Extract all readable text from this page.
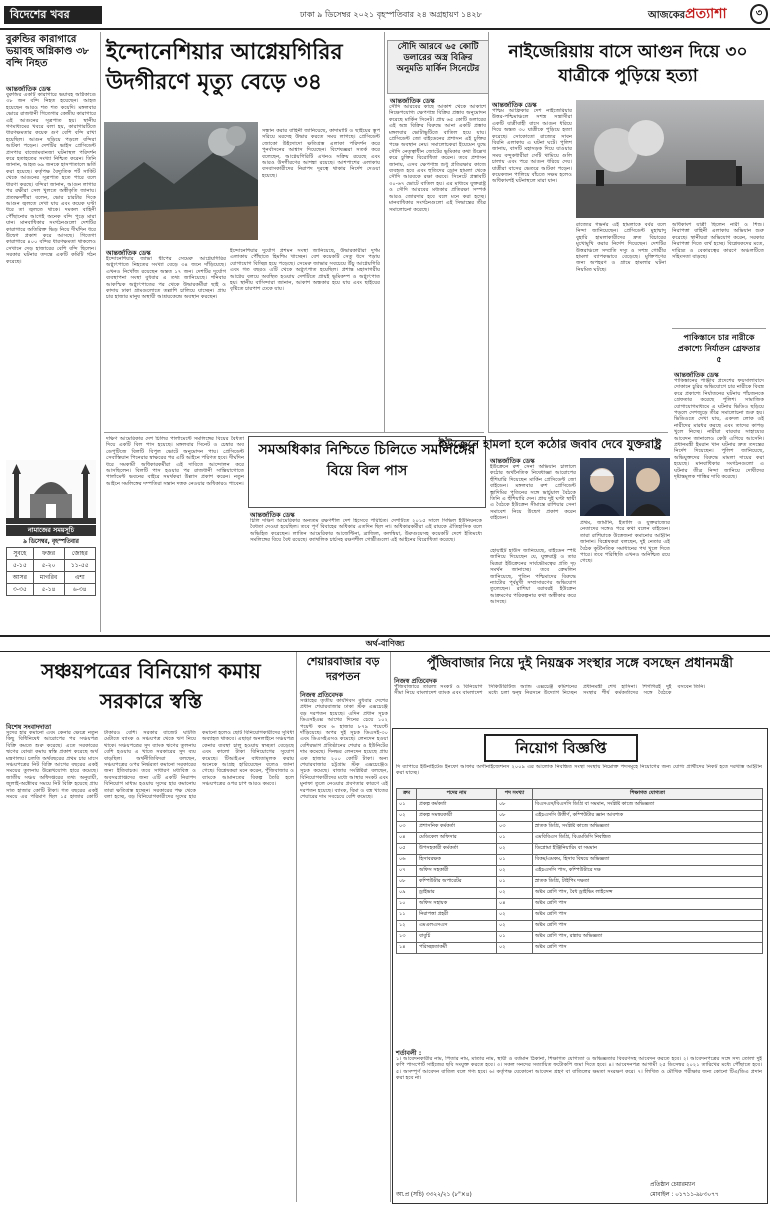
বিদেশের খবর	ঢাকা ৯ ডিসেম্বর ২০২১ বৃহস্পতিবার ২৪ অগ্রহায়ণ ১৪২৮	আজকেরপ্রত্যাশা	৩
বুরুন্ডির কারাগারে ভয়াবহ অগ্নিকাণ্ড ৩৮ বন্দি নিহত
আন্তর্জাতিক ডেস্ক
বুরুন্ডির একটি কারাগারে ভয়াবহ অগ্নিকাণ্ডে ৩৮ জন বন্দি নিহত হয়েছেন। আহত হয়েছেন আরও শত শত কয়েদি। মঙ্গলবার ভোরে রাজধানী গিতেগার কেন্দ্রীয় কারাগারে এই আগুনের সূত্রপাত হয়। স্থানীয় গণমাধ্যমের খবরে বলা হয়, কারাগারটিতে ধারণক্ষমতার কয়েক গুণ বেশি বন্দি রাখা হয়েছিল। আগুন ছড়িয়ে পড়লে বন্দিরা আটকা পড়েন। দেশটির ভাইস প্রেসিডেন্ট প্রসপার বাজোমবানজা ঘটনাস্থল পরিদর্শন করে হতাহতের সংখ্যা নিশ্চিত করেন। তিনি জানান, আহত ৬৯ জনকে হাসপাতালে ভর্তি করা হয়েছে। কর্তৃপক্ষ বৈদ্যুতিক শর্ট সার্কিট থেকে আগুনের সূত্রপাত হতে পারে বলে ধারণা করছে। বন্দিরা জানান, আগুন লাগার পর রক্ষীরা সেল খুলতে অস্বীকৃতি জানায়। প্রত্যক্ষদর্শীরা বলেন, ভোর চারটার দিকে আগুন জ্বলতে দেখা যায় এবং কয়েক ঘণ্টা ধরে তা জ্বলতে থাকে। দমকল বাহিনী পৌঁছানোর আগেই অনেক বন্দি পুড়ে মারা যান। মানবাধিকার সংগঠনগুলো দেশটির কারাগারে অতিরিক্ত ভিড় নিয়ে দীর্ঘদিন ধরে উদ্বেগ প্রকাশ করে আসছে। গিতেগা কারাগারে ৪০০ বন্দির ধারণক্ষমতা থাকলেও সেখানে দেড় হাজারের বেশি বন্দি ছিলেন। সরকার ঘটনার তদন্তে একটি কমিটি গঠন করেছে।
নামাজের সময়সূচি
৯ ডিসেম্বর, বৃহস্পতিবার
সুবহে	ফজর	জোহর
৫-১৫	৫-২০	১১-৫৫
আসর	মাগরিব	এশা
৩-৩৫	৫-১৪	৬-৩৪
ইন্দোনেশিয়ার আগ্নেয়গিরির উদগীরণে মৃত্যু বেড়ে ৩৪
সন্ধান করার বাহিনী জানিয়েছে, কাদামাটি ও ছাইয়ের স্তূপ সরিয়ে মরদেহ উদ্ধার করতে সময় লাগছে। প্রেসিডেন্ট জোকো উইদোদো ক্ষতিগ্রস্ত এলাকা পরিদর্শন করে পুনর্বাসনের আশ্বাস দিয়েছেন। বিশেষজ্ঞরা সতর্ক করে বলেছেন, আগ্নেয়গিরিটি এখনও সক্রিয় রয়েছে এবং আরও উদগীরণের আশঙ্কা রয়েছে। আশপাশের এলাকায় বসবাসকারীদের নিরাপদ দূরত্বে থাকার নির্দেশ দেওয়া হয়েছে।
আন্তর্জাতিক ডেস্ক
ইন্দোনেশিয়ার জাভা দ্বীপের সেমেরু আগ্নেয়গিরির অগ্ন্যুৎপাতে নিহতের সংখ্যা বেড়ে ৩৪ জনে দাঁড়িয়েছে। এখনও নিখোঁজ রয়েছেন অন্তত ১৭ জন। দেশটির দুর্যোগ ব্যবস্থাপনা সংস্থা বুধবার এ তথ্য জানিয়েছে। শনিবার আকস্মিক অগ্ন্যুৎপাতের পর থেকে উদ্ধারকর্মীরা ছাই ও কাদায় ঢাকা গ্রামগুলোতে তল্লাশি চালিয়ে যাচ্ছেন। প্রায় চার হাজার মানুষ অস্থায়ী আশ্রয়কেন্দ্রে অবস্থান করছেন।
ইন্দোনেশিয়ার দুর্যোগ প্রশমন সংস্থা জানিয়েছে, উদ্ধারকারীরা দুর্গম এলাকায় পৌঁছাতে হিমশিম খাচ্ছেন। বেশ কয়েকটি সেতু ধসে পড়ায় যোগাযোগ বিচ্ছিন্ন হয়ে পড়েছে। সেমেরু জাভার সবচেয়ে উঁচু আগ্নেয়গিরি এবং গত বছরও এটি থেকে অগ্ন্যুৎপাত হয়েছিল। প্রশান্ত মহাসাগরীয় আগ্নেয় বলয়ে অবস্থিত হওয়ায় দেশটিতে প্রায়ই ভূমিকম্প ও অগ্ন্যুৎপাত হয়। স্থানীয় বাসিন্দারা জানান, আকাশ অন্ধকার হয়ে যায় এবং ছাইয়ের বৃষ্টিতে চারপাশ ঢেকে যায়।
সৌদি আরবে ৬৫ কোটি ডলারের অস্ত্র বিক্রির অনুমতি মার্কিন সিনেটের
আন্তর্জাতিক ডেস্ক
সৌদি আরবের কাছে আকাশ থেকে আকাশে নিক্ষেপযোগ্য ক্ষেপণাস্ত্র বিক্রির প্রস্তাব অনুমোদন করেছে মার্কিন সিনেট। প্রায় ৬৫ কোটি ডলারের এই অস্ত্র বিক্রির বিরুদ্ধে আনা একটি প্রস্তাব মঙ্গলবার ভোটাভুটিতে বাতিল হয়ে যায়। প্রেসিডেন্ট জো বাইডেনের প্রশাসন এই চুক্তির পক্ষে অবস্থান নেয়। সমালোচকরা ইয়েমেন যুদ্ধে সৌদি নেতৃত্বাধীন জোটের ভূমিকার কথা উল্লেখ করে চুক্তির বিরোধিতা করেন। তবে প্রশাসন জানায়, এসব ক্ষেপণাস্ত্র শুধু প্রতিরক্ষার কাজে ব্যবহৃত হবে এবং হুতিদের ড্রোন হামলা থেকে সৌদি আরবকে রক্ষা করবে। সিনেটে প্রস্তাবটি ৩০-৬৭ ভোটে বাতিল হয়। এর মাধ্যমে যুক্তরাষ্ট্র ও সৌদি আরবের মধ্যকার প্রতিরক্ষা সম্পর্ক আরও জোরদার হবে বলে মনে করা হচ্ছে। মানবাধিকার সংগঠনগুলো এই সিদ্ধান্তের তীব্র সমালোচনা করেছে।
নাইজেরিয়ায় বাসে আগুন দিয়ে ৩০ যাত্রীকে পুড়িয়ে হত্যা
আন্তর্জাতিক ডেস্ক
পশ্চিম আফ্রিকার দেশ নাইজেরিয়ার উত্তর-পশ্চিমাঞ্চলে সশস্ত্র সন্ত্রাসীরা একটি যাত্রীবাহী বাসে আগুন ধরিয়ে দিয়ে অন্তত ৩০ যাত্রীকে পুড়িয়ে হত্যা করেছে। সোকোতো রাজ্যের সাবন বিরনি এলাকায় এ ঘটনা ঘটে। পুলিশ জানায়, বাসটি মহাসড়ক দিয়ে যাওয়ার সময় বন্দুকধারীরা সেটি থামিয়ে গুলি চালায় এবং পরে আগুন ধরিয়ে দেয়। যাত্রীরা বাসের ভেতরে আটকা পড়েন। কয়েকজন পালিয়ে বাঁচতে সক্ষম হলেও অধিকাংশই ঘটনাস্থলে মারা যান।
রাজ্যের গভর্নর এই হামলাকে বর্বর বলে নিন্দা জানিয়েছেন। প্রেসিডেন্ট মুহাম্মাদু বুহারি হামলাকারীদের দ্রুত বিচারের মুখোমুখি করার নির্দেশ দিয়েছেন। দেশটির উত্তরাঞ্চলে সম্প্রতি দস্যু ও সশস্ত্র গোষ্ঠীর হামলা ব্যাপকভাবে বেড়েছে। মুক্তিপণের জন্য অপহরণ ও গ্রামে হামলার ঘটনা নিয়মিত ঘটছে।
অধিকাংশ যাত্রী ছিলেন নারী ও শিশু। নিরাপত্তা বাহিনী এলাকায় অভিযান শুরু করেছে। স্থানীয়রা অভিযোগ করেন, সরকার নিরাপত্তা দিতে ব্যর্থ হচ্ছে। বিশ্লেষকদের মতে, দারিদ্র্য ও বেকারত্বের কারণে অঞ্চলটিতে সহিংসতা বাড়ছে।
পাকিস্তানে চার নারীকে প্রকাশ্যে নির্যাতন গ্রেফতার ৫
আন্তর্জাতিক ডেস্ক
পাকিস্তানের পাঞ্জাব প্রদেশের ফয়সালাবাদে দোকানে চুরির অভিযোগে চার নারীকে বিবস্ত্র করে প্রকাশ্যে নির্যাতনের ঘটনায় পাঁচজনকে গ্রেফতার করেছে পুলিশ। সামাজিক যোগাযোগমাধ্যমে এ ঘটনার ভিডিও ছড়িয়ে পড়লে দেশজুড়ে তীব্র সমালোচনা শুরু হয়। ভিডিওতে দেখা যায়, একদল লোক ওই নারীদের মারধর করছে এবং তাদের কাপড় খুলে নিচ্ছে। নারীরা বারবার সাহায্যের আবেদন জানালেও কেউ এগিয়ে আসেনি। প্রধানমন্ত্রী ইমরান খান ঘটনার দ্রুত তদন্তের নির্দেশ দিয়েছেন। পুলিশ জানিয়েছে, অভিযুক্তদের বিরুদ্ধে মামলা দায়ের করা হয়েছে। মানবাধিকার সংগঠনগুলো এ ঘটনার তীব্র নিন্দা জানিয়ে দোষীদের দৃষ্টান্তমূলক শাস্তির দাবি করেছে।
দক্ষিণ আমেরিকার দেশ চিলির পার্লামেন্টে সমলিঙ্গের বিয়ের বৈধতা দিয়ে একটি বিল পাস হয়েছে। মঙ্গলবার সিনেট ও চেম্বার অব ডেপুটিজে বিলটি বিপুল ভোটে অনুমোদন পায়। প্রেসিডেন্ট সেবাস্তিয়ান পিনেরার স্বাক্ষরের পর এটি আইনে পরিণত হবে। দীর্ঘদিন ধরে সমকামী অধিকারকর্মীরা এই দাবিতে আন্দোলন করে আসছিলেন। বিলটি পাস হওয়ার পর রাজধানী সান্তিয়াগোতে পার্লামেন্ট ভবনের বাইরে সমর্থকরা উল্লাস প্রকাশ করেন। নতুন আইনে সমলিঙ্গের দম্পতিরা সন্তান দত্তক নেওয়ার অধিকারও পাবেন।
সমঅধিকার নিশ্চিতে চিলিতে সমলিঙ্গের বিয়ে বিল পাস
আন্তর্জাতিক ডেস্ক
চিলি দক্ষিণ আমেরিকার অন্যতম রক্ষণশীল দেশ হিসেবে পরিচিত। দেশটিতে ২০১৫ সালে সিভিল ইউনিয়নকে বৈধতা দেওয়া হয়েছিল। তবে পূর্ণ বিবাহের অধিকার এতদিন ছিল না। অধিকারকর্মীরা এই রায়কে ঐতিহাসিক বলে অভিহিত করেছেন। লাতিন আমেরিকার আর্জেন্টিনা, ব্রাজিল, কলম্বিয়া, উরুগুয়েসহ কয়েকটি দেশে ইতিমধ্যে সমলিঙ্গের বিয়ে বৈধ রয়েছে। ক্যাথলিক চার্চসহ রক্ষণশীল গোষ্ঠীগুলো এই আইনের বিরোধিতা করেছে।
ইউক্রেনে হামলা হলে কঠোর জবাব দেবে যুক্তরাষ্ট্র
আন্তর্জাতিক ডেস্ক
ইউক্রেনে রুশ সেনা অভিযান চালালে কঠোর অর্থনৈতিক নিষেধাজ্ঞা আরোপের হুঁশিয়ারি দিয়েছেন মার্কিন প্রেসিডেন্ট জো বাইডেন। মঙ্গলবার রুশ প্রেসিডেন্ট ভ্লাদিমির পুতিনের সঙ্গে ভার্চুয়াল বৈঠকে তিনি এ হুঁশিয়ারি দেন। প্রায় দুই ঘণ্টা স্থায়ী এ বৈঠকে ইউক্রেন সীমান্তে রাশিয়ার সেনা সমাবেশ নিয়ে উদ্বেগ প্রকাশ করেন বাইডেন।
প্রথম, জার্মানি, ইতালি ও যুক্তরাজ্যের নেতাদের সঙ্গেও পরে কথা বলেন বাইডেন। তারা রাশিয়াকে উত্তেজনা কমানোর আহ্বান জানান। বিশ্লেষকরা বলছেন, দুই নেতার এই বৈঠক কূটনৈতিক সমাধানের পথ খুলে দিতে পারে। তবে পরিস্থিতি এখনও অনিশ্চিত রয়ে গেছে।
হোয়াইট হাউস জানিয়েছে, বাইডেন স্পষ্ট জানিয়ে দিয়েছেন যে, যুক্তরাষ্ট্র ও তার মিত্ররা ইউক্রেনের সার্বভৌমত্বের প্রতি দৃঢ় সমর্থন জানাচ্ছে। তবে ক্রেমলিন জানিয়েছে, পুতিন পশ্চিমাদের বিরুদ্ধে ন্যাটোর পূর্বমুখী সম্প্রসারণের অভিযোগ তুলেছেন। রাশিয়া বরাবরই ইউক্রেন আক্রমণের পরিকল্পনার কথা অস্বীকার করে আসছে।
অর্থ-বাণিজ্য
সঞ্চয়পত্রের বিনিয়োগ কমায় সরকারে স্বস্তি
বিশেষ সংবাদদাতা
সুদের হার কমানো এবং কেনার ক্ষেত্রে নতুন কিছু বিধিনিষেধ আরোপের পর সঞ্চয়পত্র বিক্রি কমতে শুরু করেছে। এতে সরকারের ঋণের বোঝা কমায় স্বস্তি প্রকাশ করেছে অর্থ মন্ত্রণালয়। চলতি অর্থবছরের প্রথম চার মাসে সঞ্চয়পত্রের নিট বিক্রি আগের বছরের একই সময়ের তুলনায় উল্লেখযোগ্য হারে কমেছে। জাতীয় সঞ্চয় অধিদপ্তরের তথ্য অনুযায়ী, জুলাই-অক্টোবর সময়ে নিট বিক্রি হয়েছে প্রায় সাত হাজার কোটি টাকা। গত বছরের একই সময়ে এর পরিমাণ ছিল ১৫ হাজার কোটি টাকারও বেশি। সরকার বাজেট ঘাটতি মেটাতে ব্যাংক ও সঞ্চয়পত্র থেকে ঋণ নিয়ে থাকে। সঞ্চয়পত্রের সুদ ব্যাংক ঋণের তুলনায় বেশি হওয়ায় এ খাতে সরকারের সুদ ব্যয় বাড়ছিল। অর্থনীতিবিদরা বলছেন, সঞ্চয়পত্রের ওপর নির্ভরতা কমানো সরকারের জন্য ইতিবাচক। তবে সাধারণ মধ্যবিত্ত ও অবসরপ্রাপ্তদের জন্য এটি একটি নিরাপদ বিনিয়োগ মাধ্যম হওয়ায় সুদের হার কমানোয় তারা ক্ষতিগ্রস্ত হচ্ছেন। সরকারের পক্ষ থেকে বলা হচ্ছে, বড় বিনিয়োগকারীদের সুদের হার কমানো হলেও ছোট বিনিয়োগকারীদের সুবিধা অব্যাহত থাকবে। এছাড়া অনলাইনে সঞ্চয়পত্র কেনার ব্যবস্থা চালু হওয়ায় স্বচ্ছতা বেড়েছে এবং কালো টাকা বিনিয়োগের সুযোগ কমেছে। টিআইএন বাধ্যতামূলক করায় অনেকে আগ্রহ হারিয়েছেন বলেও জানা গেছে। বিশ্লেষকরা মনে করেন, পুঁজিবাজার ও ব্যাংকে আমানতের বিকল্প তৈরি হলে সঞ্চয়পত্রের ওপর চাপ আরও কমবে।
শেয়ারবাজার বড় দরপতন
নিজস্ব প্রতিবেদক
সপ্তাহের তৃতীয় কার্যদিবস বুধবার দেশের প্রধান শেয়ারবাজার ঢাকা স্টক এক্সচেঞ্জে বড় দরপতন হয়েছে। এদিন প্রধান সূচক ডিএসইএক্স আগের দিনের চেয়ে ১০২ পয়েন্ট কমে ৬ হাজার ৮৭৯ পয়েন্টে দাঁড়িয়েছে। অপর দুই সূচক ডিএসই-৩০ এবং ডিএসইএসও কমেছে। লেনদেন হওয়া বেশিরভাগ প্রতিষ্ঠানের শেয়ার ও ইউনিটের দাম কমেছে। দিনভর লেনদেন হয়েছে প্রায় এক হাজার ২০০ কোটি টাকা। অন্য শেয়ারবাজার চট্টগ্রাম স্টক এক্সচেঞ্জেও সূচক কমেছে। বাজার সংশ্লিষ্টরা বলছেন, বিনিয়োগকারীদের মধ্যে আস্থার সংকট এবং মুনাফা তুলে নেওয়ার প্রবণতার কারণে এই দরপতন হয়েছে। ব্যাংক, বিমা ও বস্ত্র খাতের শেয়ারের দাম সবচেয়ে বেশি কমেছে।
পুঁজিবাজার নিয়ে দুই নিয়ন্ত্রক সংস্থার সঙ্গে বসছেন প্রধানমন্ত্রী
নিজস্ব প্রতিবেদক
পুঁজিবাজারে তারল্য সংকট ও বিনিয়োগ সীমা নিয়ে বাংলাদেশ ব্যাংক এবং বাংলাদেশ সিকিউরিটিজ অ্যান্ড এক্সচেঞ্জ কমিশনের মধ্যে চলা দ্বন্দ্ব নিরসনে উদ্যোগ নিচ্ছেন প্রধানমন্ত্রী শেখ হাসিনা। শিগগিরই দুই সংস্থার শীর্ষ কর্মকর্তাদের সঙ্গে বৈঠকে বসবেন তিনি।
নিয়োগ বিজ্ঞপ্তি
দি ব্যাপারে ইউনাইটেড ইনফো আফার অর্গানাইজেশনস ২০০৯ এর আলোক নিবন্ধিত সংস্থা সংস্থায় নিম্নোক্ত পদসমূহে নিয়োগের জন্য যোগ্য প্রার্থীদের নিকট হতে দরখাস্ত আহ্বান করা যাচ্ছে।
ক্রম	পদের নাম	পদ সংখ্যা	শিক্ষাগত যোগ্যতা
০১	প্রকল্প কর্মকর্তা	০৮	বিএসএস/বিএসসি ডিগ্রি বা সমমান, সংশ্লিষ্ট কাজে অভিজ্ঞতা
০২	প্রকল্প সমন্বয়কারী	০৮	এইচএসসি উত্তীর্ণ, কম্পিউটার জ্ঞান আবশ্যক
০৩	প্রশাসনিক কর্মকর্তা	০৩	স্নাতক ডিগ্রি, সংশ্লিষ্ট কাজে অভিজ্ঞতা
০৪	মেডিকেল অফিসার	০১	এমবিবিএস ডিগ্রি, বিএমডিসি নিবন্ধিত
০৫	উপসহকারী কর্মকর্তা	০২	ডিপ্লোমা ইঞ্জিনিয়ারিং বা সমমান
০৬	হিসাবরক্ষক	০১	বিকম/এমকম, হিসাব বিষয়ে অভিজ্ঞতা
০৭	অফিস সহকারী	০২	এইচএসসি পাস, কম্পিউটারে দক্ষ
০৮	কম্পিউটার অপারেটর	০১	স্নাতক ডিগ্রি, টাইপিং দক্ষতা
০৯	ড্রাইভার	০২	অষ্টম শ্রেণি পাস, বৈধ ড্রাইভিং লাইসেন্স
১০	অফিস সহায়ক	০৪	অষ্টম শ্রেণি পাস
১১	নিরাপত্তা প্রহরী	০২	অষ্টম শ্রেণি পাস
১২	এমএলএসএস	০২	অষ্টম শ্রেণি পাস
১৩	বাবুর্চি	০১	অষ্টম শ্রেণি পাস, রান্নায় অভিজ্ঞতা
১৪	পরিচ্ছন্নতাকর্মী	০২	অষ্টম শ্রেণি পাস
শর্তাবলী :
১। আবেদনকারীর নাম, পিতার নাম, মাতার নাম, স্থায়ী ও বর্তমান ঠিকানা, শিক্ষাগত যোগ্যতা ও অভিজ্ঞতার বিবরণসহ আবেদন করতে হবে। ২। আবেদনপত্রের সঙ্গে সদ্য তোলা দুই কপি পাসপোর্ট সাইজের ছবি সংযুক্ত করতে হবে। ৩। সকল সনদের সত্যায়িত ফটোকপি জমা দিতে হবে। ৪। আবেদনপত্র আগামী ২৫ ডিসেম্বর ২০২১ তারিখের মধ্যে পৌঁছাতে হবে। ৫। অসম্পূর্ণ আবেদন বাতিল বলে গণ্য হবে। ৬। কর্তৃপক্ষ যেকোনো আবেদন গ্রহণ বা বাতিলের ক্ষমতা সংরক্ষণ করে। ৭। লিখিত ও মৌখিক পরীক্ষার জন্য কোনো টিএ/ডিএ প্রদান করা হবে না।
প্রতিষ্ঠান চেয়ারম্যান
আ.প্র (সচি) ৩৩২২/২১ (৮"×৪)	মোবাইল : ০১৭১১-৯৮৩০৭৭
